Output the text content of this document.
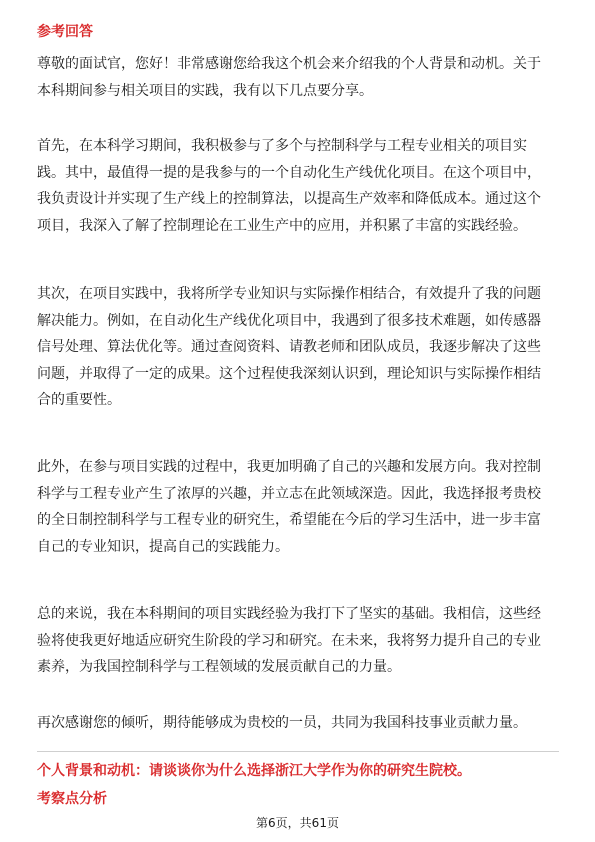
参考回答
尊敬的面试官，您好！非常感谢您给我这个机会来介绍我的个人背景和动机。关于
本科期间参与相关项目的实践，我有以下几点要分享。
首先，在本科学习期间，我积极参与了多个与控制科学与工程专业相关的项目实
践。其中，最值得一提的是我参与的一个自动化生产线优化项目。在这个项目中，
我负责设计并实现了生产线上的控制算法，以提高生产效率和降低成本。通过这个
项目，我深入了解了控制理论在工业生产中的应用，并积累了丰富的实践经验。
其次，在项目实践中，我将所学专业知识与实际操作相结合，有效提升了我的问题
解决能力。例如，在自动化生产线优化项目中，我遇到了很多技术难题，如传感器
信号处理、算法优化等。通过查阅资料、请教老师和团队成员，我逐步解决了这些
问题，并取得了一定的成果。这个过程使我深刻认识到，理论知识与实际操作相结
合的重要性。
此外，在参与项目实践的过程中，我更加明确了自己的兴趣和发展方向。我对控制
科学与工程专业产生了浓厚的兴趣，并立志在此领域深造。因此，我选择报考贵校
的全日制控制科学与工程专业的研究生，希望能在今后的学习生活中，进一步丰富
自己的专业知识，提高自己的实践能力。
总的来说，我在本科期间的项目实践经验为我打下了坚实的基础。我相信，这些经
验将使我更好地适应研究生阶段的学习和研究。在未来，我将努力提升自己的专业
素养，为我国控制科学与工程领域的发展贡献自己的力量。
再次感谢您的倾听，期待能够成为贵校的一员，共同为我国科技事业贡献力量。
个人背景和动机：请谈谈你为什么选择浙江大学作为你的研究生院校。
考察点分析
第6页，共61页
